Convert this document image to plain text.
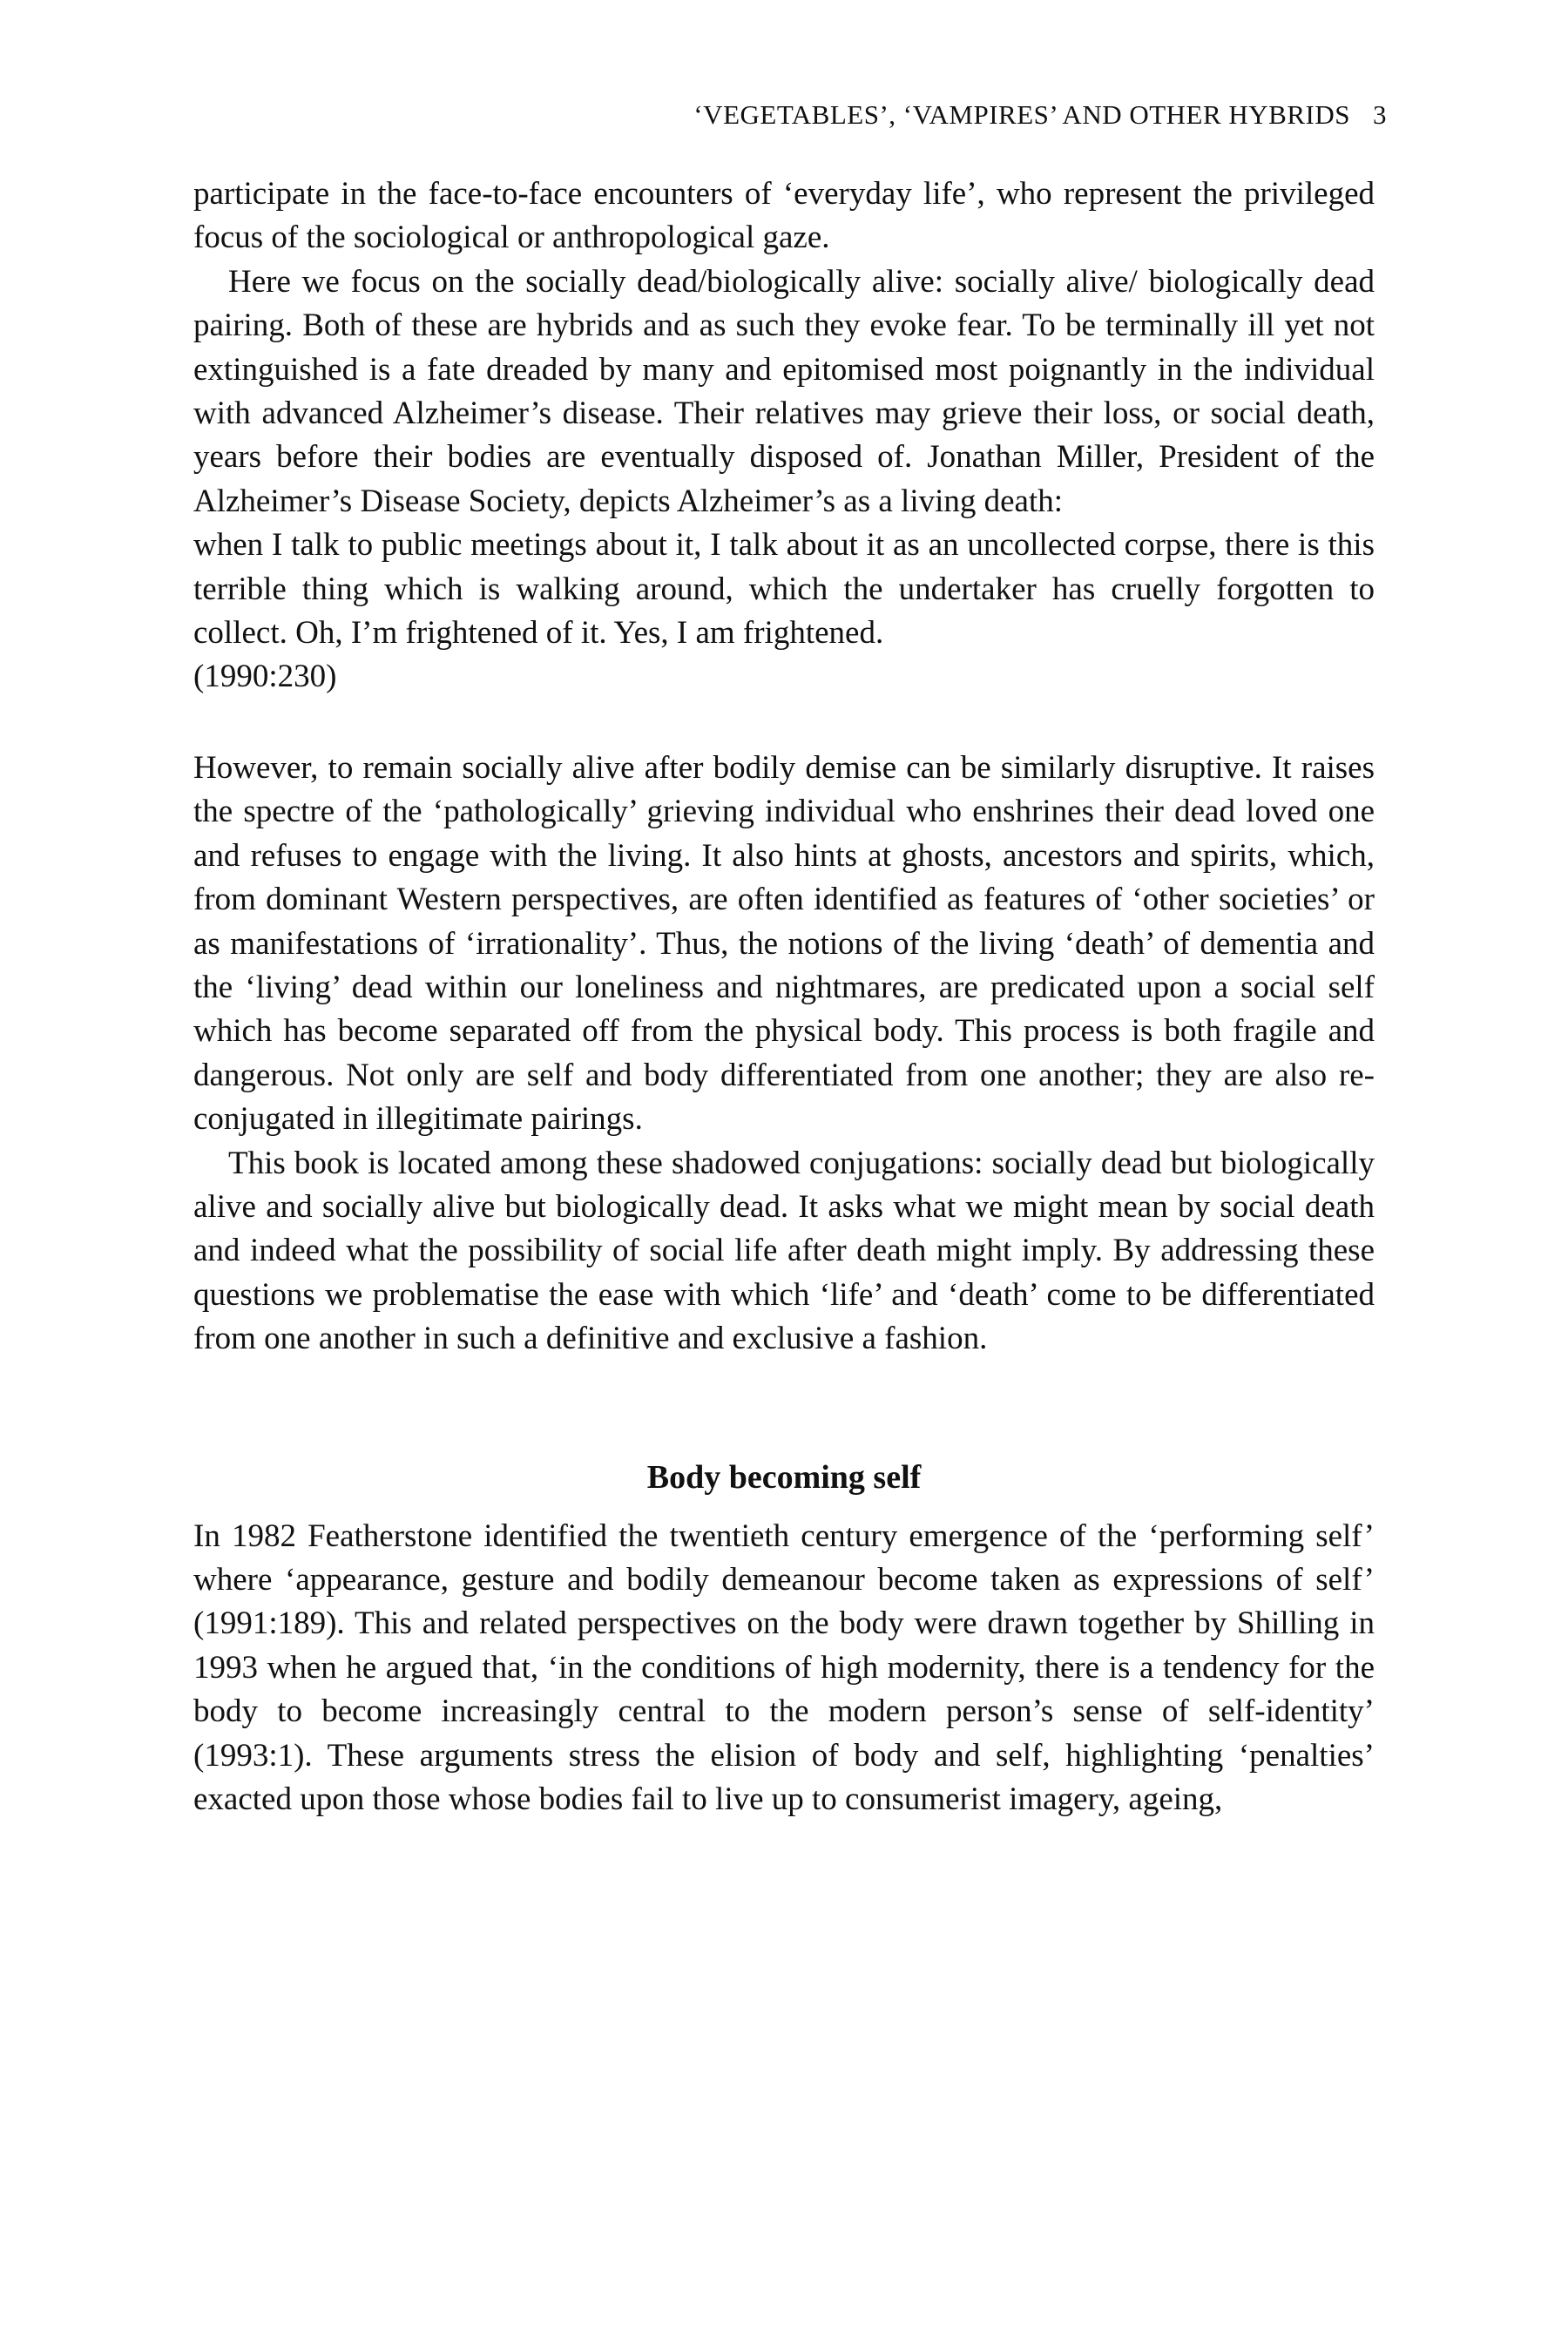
‘VEGETABLES’, ‘VAMPIRES’ AND OTHER HYBRIDS 3

participate in the face-to-face encounters of ‘everyday life’, who represent the privileged focus of the sociological or anthropological gaze.

Here we focus on the socially dead/biologically alive: socially alive/ biologically dead pairing. Both of these are hybrids and as such they evoke fear. To be terminally ill yet not extinguished is a fate dreaded by many and epitomised most poignantly in the individual with advanced Alzheimer’s disease. Their relatives may grieve their loss, or social death, years before their bodies are eventually disposed of. Jonathan Miller, President of the Alzheimer’s Disease Society, depicts Alzheimer’s as a living death:

when I talk to public meetings about it, I talk about it as an uncollected corpse, there is this terrible thing which is walking around, which the undertaker has cruelly forgotten to collect. Oh, I’m frightened of it. Yes, I am frightened.

(1990:230)

However, to remain socially alive after bodily demise can be similarly disruptive. It raises the spectre of the ‘pathologically’ grieving individual who enshrines their dead loved one and refuses to engage with the living. It also hints at ghosts, ancestors and spirits, which, from dominant Western perspectives, are often identified as features of ‘other societies’ or as manifestations of ‘irrationality’. Thus, the notions of the living ‘death’ of dementia and the ‘living’ dead within our loneliness and nightmares, are predicated upon a social self which has become separated off from the physical body. This process is both fragile and dangerous. Not only are self and body differentiated from one another; they are also re-conjugated in illegitimate pairings.

This book is located among these shadowed conjugations: socially dead but biologically alive and socially alive but biologically dead. It asks what we might mean by social death and indeed what the possibility of social life after death might imply. By addressing these questions we problematise the ease with which ‘life’ and ‘death’ come to be differentiated from one another in such a definitive and exclusive a fashion.

Body becoming self

In 1982 Featherstone identified the twentieth century emergence of the ‘performing self’ where ‘appearance, gesture and bodily demeanour become taken as expressions of self’ (1991:189). This and related perspectives on the body were drawn together by Shilling in 1993 when he argued that, ‘in the conditions of high modernity, there is a tendency for the body to become increasingly central to the modern person’s sense of self-identity’ (1993:1). These arguments stress the elision of body and self, highlighting ‘penalties’ exacted upon those whose bodies fail to live up to consumerist imagery, ageing,
